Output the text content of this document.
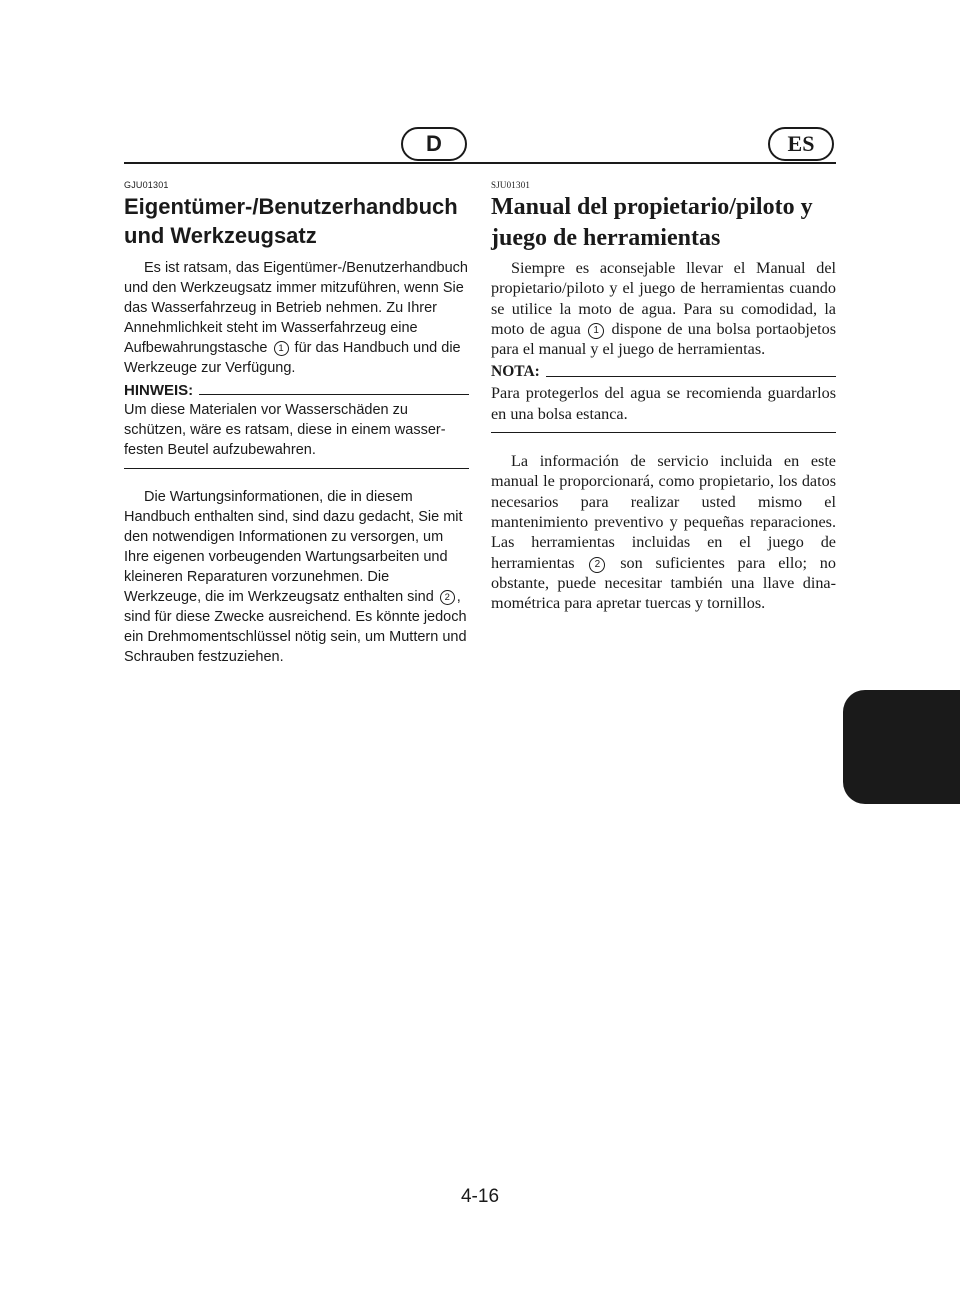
D	ES
GJU01301
Eigentümer-/Benutzerhandbuch und Werkzeugsatz

Es ist ratsam, das Eigentümer-/Benutzerhandbuch und den Werkzeugsatz immer mitzuführen, wenn Sie das Wasserfahrzeug in Betrieb nehmen. Zu Ihrer Annehmlichkeit steht im Wasserfahrzeug eine Aufbewahrungstasche 1 für das Handbuch und die Werkzeuge zur Verfügung.

HINWEIS:
Um diese Materialen vor Wasserschäden zu schützen, wäre es ratsam, diese in einem wasserfesten Beutel aufzubewahren.

Die Wartungsinformationen, die in diesem Handbuch enthalten sind, sind dazu gedacht, Sie mit den notwendigen Informationen zu versorgen, um Ihre eigenen vorbeugenden Wartungsarbeiten und kleineren Reparaturen vorzunehmen. Die Werkzeuge, die im Werkzeugsatz enthalten sind 2 , sind für diese Zwecke ausreichend. Es könnte jedoch ein Drehmomentschlüssel nötig sein, um Muttern und Schrauben festzuziehen.

SJU01301
Manual del propietario/piloto y juego de herramientas

Siempre es aconsejable llevar el Manual del propietario/piloto y el juego de herramientas cuando se utilice la moto de agua. Para su comodidad, la moto de agua 1 dispone de una bolsa portaobjetos para el manual y el juego de herramientas.

NOTA:
Para protegerlos del agua se recomienda guardarlos en una bolsa estanca.

La información de servicio incluida en este manual le proporcionará, como propietario, los datos necesarios para realizar usted mismo el mantenimiento preventivo y pequeñas reparaciones. Las herramientas incluidas en el juego de herramientas 2 son suficientes para ello; no obstante, puede necesitar también una llave dinamométrica para apretar tuercas y tornillos.

4-16
